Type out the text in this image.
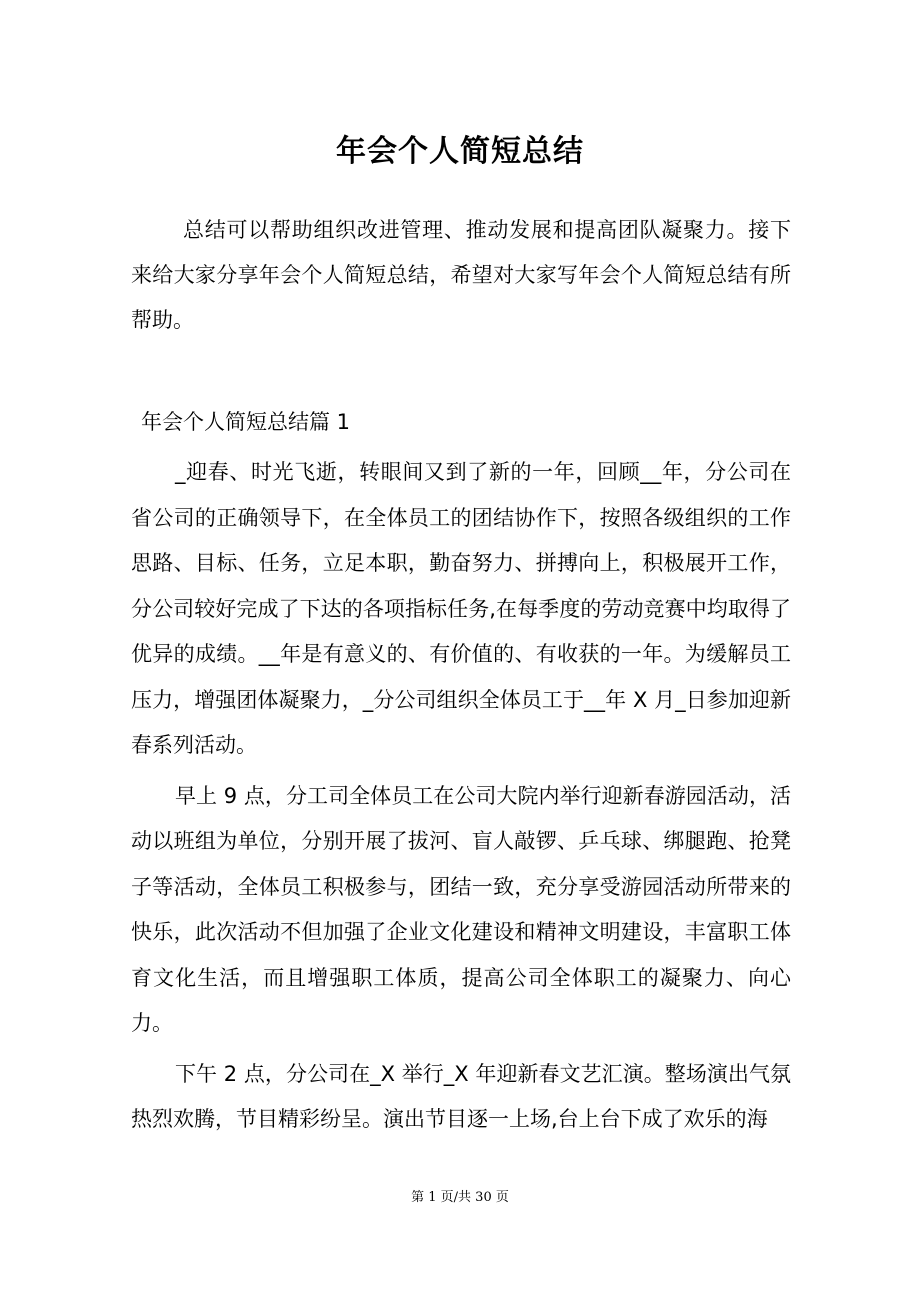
年会个人简短总结

总结可以帮助组织改进管理、推动发展和提高团队凝聚力。接下来给大家分享年会个人简短总结，希望对大家写年会个人简短总结有所帮助。

年会个人简短总结篇 1

_迎春、时光飞逝，转眼间又到了新的一年，回顾__年，分公司在省公司的正确领导下，在全体员工的团结协作下，按照各级组织的工作思路、目标、任务，立足本职，勤奋努力、拼搏向上，积极展开工作，分公司较好完成了下达的各项指标任务,在每季度的劳动竞赛中均取得了优异的成绩。__年是有意义的、有价值的、有收获的一年。为缓解员工压力，增强团体凝聚力，_分公司组织全体员工于__年 X 月_日参加迎新春系列活动。

早上 9 点，分工司全体员工在公司大院内举行迎新春游园活动，活动以班组为单位，分别开展了拔河、盲人敲锣、乒乓球、绑腿跑、抢凳子等活动，全体员工积极参与，团结一致，充分享受游园活动所带来的快乐，此次活动不但加强了企业文化建设和精神文明建设，丰富职工体育文化生活，而且增强职工体质，提高公司全体职工的凝聚力、向心力。

下午 2 点，分公司在_X 举行_X 年迎新春文艺汇演。整场演出气氛热烈欢腾，节目精彩纷呈。演出节目逐一上场,台上台下成了欢乐的海

第 1 页/共 30 页
